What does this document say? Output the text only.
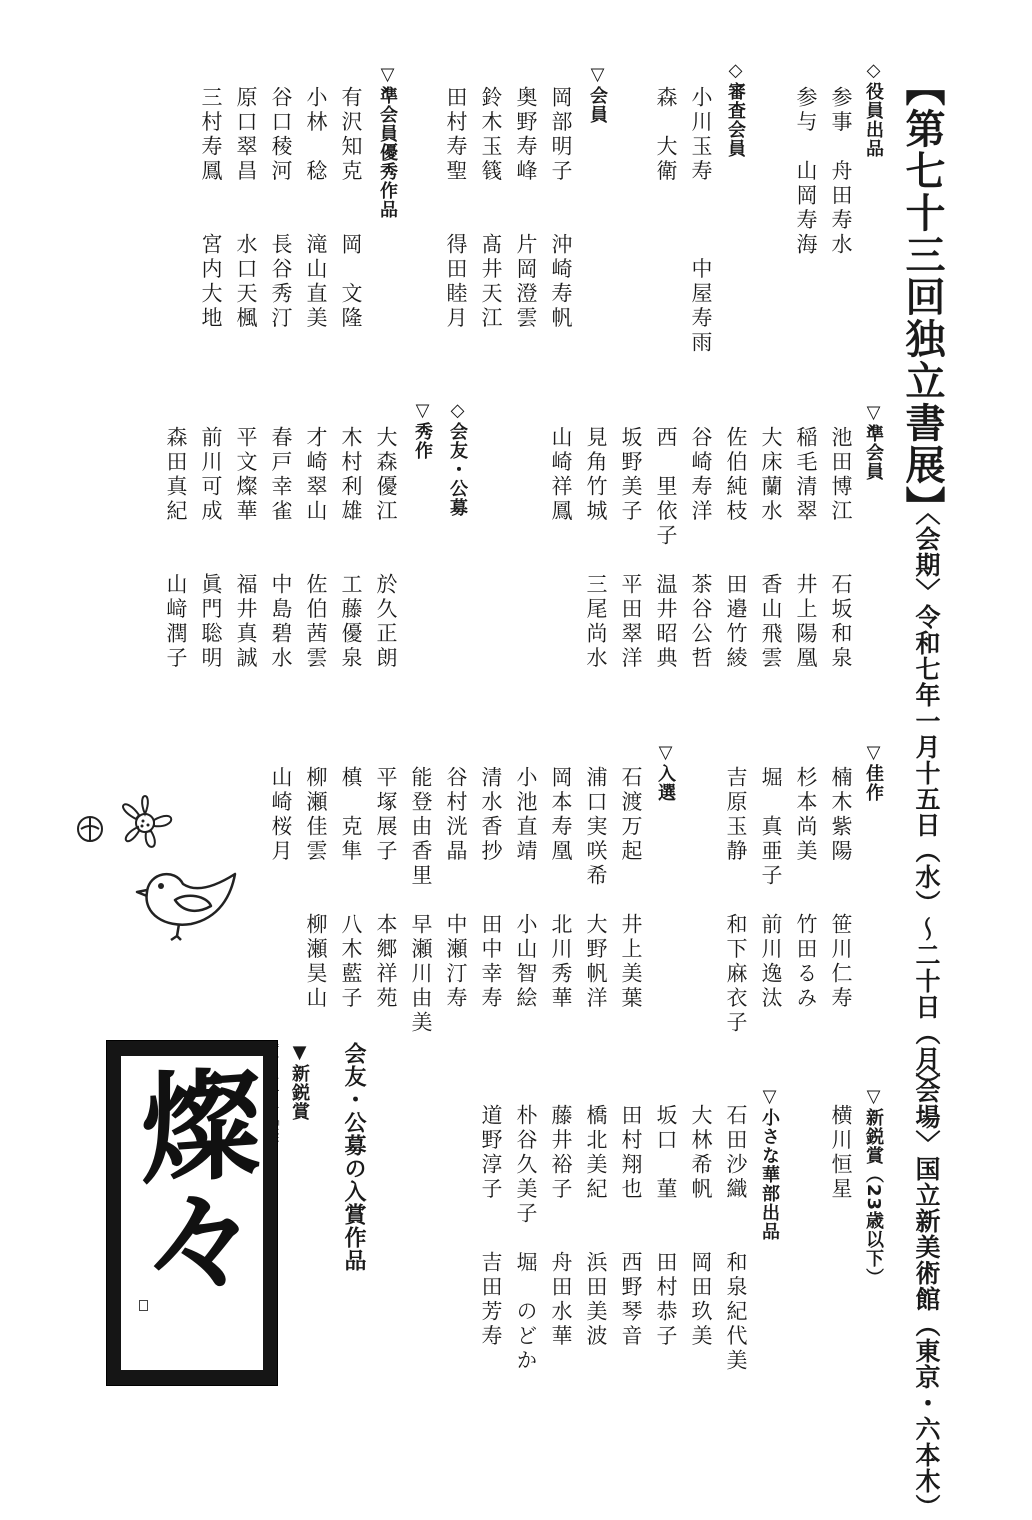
【第七十三回独立書展】
〈会期〉令和七年一月十五日（水）～二十日（月）
〈会場〉国立新美術館（東京・六本木）
◇役員出品
参事　舟田寿水
参与　山岡寿海
◇審査会員
小川玉寿　　　中屋寿雨
森　大衛
▽会員
岡部明子　　沖崎寿帆
奥野寿峰　　片岡澄雲
鈴木玉篯　　髙井天江
田村寿聖　　得田睦月
▽準会員優秀作品
有沢知克　　岡　文隆
小林　稔　　滝山直美
谷口稜河　　長谷秀汀
原口翠昌　　水口天楓
三村寿鳳　　宮内大地
▽準会員
池田博江　　石坂和泉
稲毛清翠　　井上陽凰
大床蘭水　　香山飛雲
佐伯純枝　　田邉竹綾
谷崎寿洋　　茶谷公哲
西　里依子　温井昭典
坂野美子　　平田翠洋
見角竹城　　三尾尚水
山崎祥鳳
◇会友・公募
▽秀作
大森優江　　於久正朗
木村利雄　　工藤優泉
才崎翠山　　佐伯茜雲
春戸幸雀　　中島碧水
平文燦華　　福井真誠
前川可成　　眞門聡明
森田真紀　　山﨑潤子
▽佳作
楠木紫陽　　笹川仁寿
杉本尚美　　竹田るみ
堀　真亜子　前川逸汰
吉原玉静　　和下麻衣子
▽入選
石渡万起　　井上美葉
浦口実咲希　大野帆洋
岡本寿凰　　北川秀華
小池直靖　　小山智絵
清水香抄　　田中幸寿
谷村洸晶　　中瀬汀寿
能登由香里　早瀬川由美
平塚展子　　本郷祥苑
槙　克隼　　八木藍子
柳瀬佳雲　　柳瀬昊山
山崎桜月
▽新鋭賞（23歳以下）
横川恒星
▽小さな華部出品
石田沙織　　和泉紀代美
大林希帆　　岡田玖美
坂口　菫　　田村恭子
田村翔也　　西野琴音
橋北美紀　　浜田美波
藤井裕子　　舟田水華
朴谷久美子　堀　のどか
道野淳子　　吉田芳寿
会友・公募の入賞作品
▼新鋭賞
燦々
